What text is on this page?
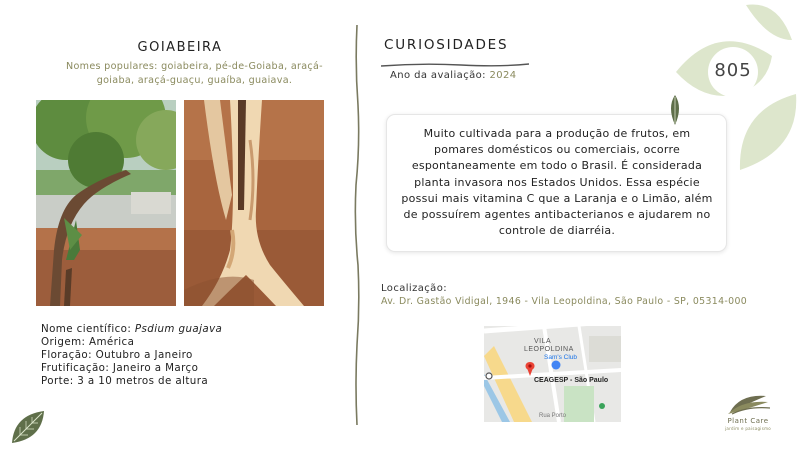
GOIABEIRA
Nomes populares: goiabeira, pé-de-Goiaba, araçá-goiaba, araçá-guaçu, guaíba, guaiava.
Nome científico: Psdium guajava
Origem: América
Floração: Outubro a Janeiro
Frutificação: Janeiro a Março
Porte: 3 a 10 metros de altura
CURIOSIDADES
Ano da avaliação: 2024
Muito cultivada para a produção de frutos, em pomares domésticos ou comerciais, ocorre espontaneamente em todo o Brasil. É considerada planta invasora nos Estados Unidos. Essa espécie possui mais vitamina C que a Laranja e o Limão, além de possuírem agentes antibacterianos e ajudarem no controle de diarréia.
Localização:
Av. Dr. Gastão Vidigal, 1946 - Vila Leopoldina, São Paulo - SP, 05314-000
VILA
LEOPOLDINA
Sam's Club
CEAGESP - São Paulo
Rua Porto
805
Plant Care
jardim e paisagismo
